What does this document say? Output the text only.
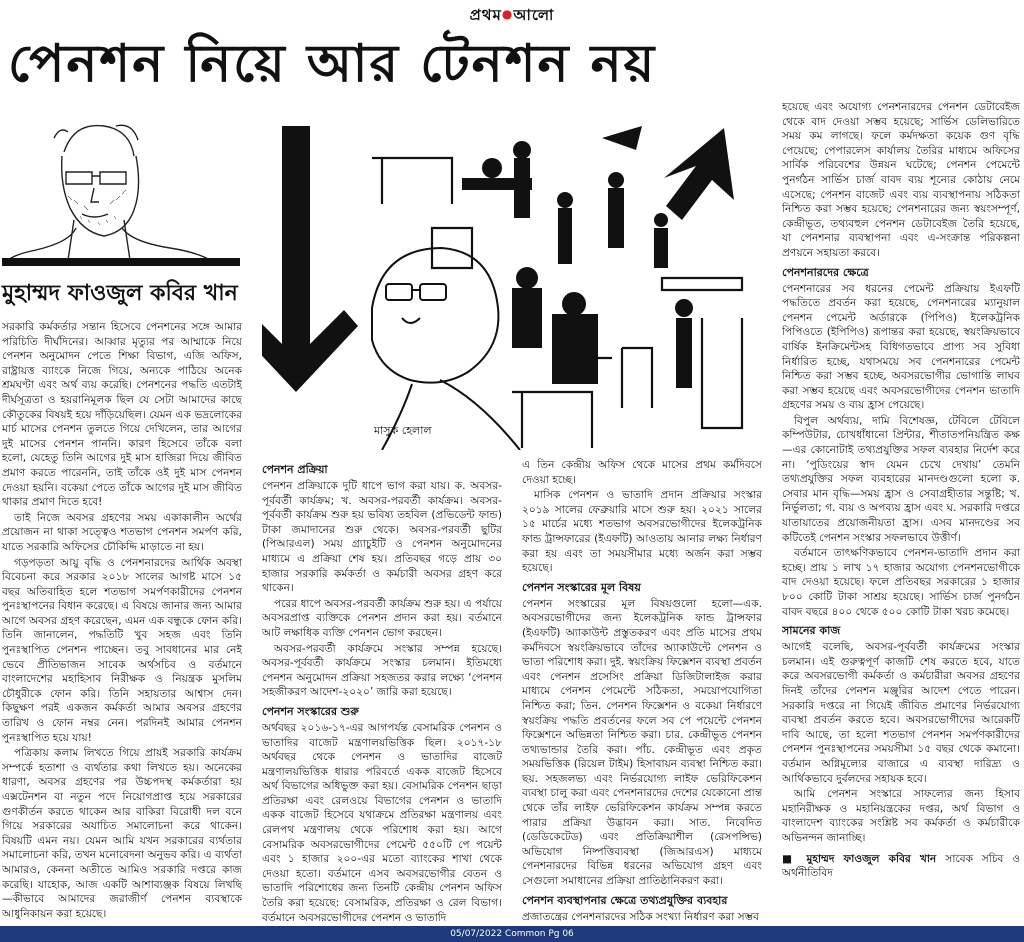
প্রথম●আলো
পেনশন নিয়ে আর টেনশন নয়
মুহাম্মদ ফাওজুল কবির খান
মাসুক হেলাল

সরকারি কর্মকর্তার সন্তান হিসেবে পেনশনের সঙ্গে আমার পরিচিতি দীর্ঘদিনের। আব্বার মৃত্যুর পর আম্মাকে নিয়ে পেনশন অনুমোদন পেতে শিক্ষা বিভাগ, এজি অফিস, রাষ্ট্রায়ত্ত ব্যাংকে নিজে গিয়ে, অন্যকে পাঠিয়ে অনেক শ্রমঘণ্টা এবং অর্থ ব্যয় করেছি। পেনশনের পদ্ধতি এতটাই দীর্ঘসূত্রতা ও হয়রানিমূলক ছিল যে সেটা আমাদের কাছে কৌতুকের বিষয়ই হয়ে দাঁড়িয়েছিল। যেমন এক ভদ্রলোকের মার্চ মাসের পেনশন তুলতে গিয়ে দেখিলেন, তার আগের দুই মাসের পেনশন পাননি। কারণ হিসেবে তাঁকে বলা হলো, যেহেতু তিনি আগের দুই মাস হাজিরা দিয়ে জীবিত প্রমাণ করতে পারেননি, তাই তাঁকে ওই দুই মাস পেনশন দেওয়া হয়নি। বকেয়া পেতে তাঁকে আগের দুই মাস জীবিত থাকার প্রমাণ দিতে হবে!

তাই নিজে অবসর গ্রহণের সময় একাকালীন অর্থের প্রয়োজন না থাকা সত্ত্বেও শতভাগ পেনশন সমর্পণ করি, যাতে সরকারি অফিসের চৌকিদ্দি মাড়াতে না হয়।

গড়পড়তা আয়ু বৃদ্ধি ও পেনশনারদের আর্থিক অবস্থা বিবেচনা করে সরকার ২০১৮ সালের আগষ্ট মাসে ১৫ বছর অতিবাহিত হলে শতভাগ সমর্পণকারীদের পেনশন পুনঃস্থাপনের বিধান করেছে। এ বিষয়ে জানার জন্য আমার আগে অবসর গ্রহণ করেছেন, এমন এক বন্ধুকে ফোন করি। তিনি জানালেন, পদ্ধতিটি খুব সহজ এবং তিনি পুনঃস্থাপিত পেনশন পাচ্ছেন। তবু সাবধানের মার নেই ভেবে প্রীতিভাজন সাবেক অর্থসচিব ও বর্তমানে বাংলাদেশের মহাহিসাব নিরীক্ষক ও নিয়ন্ত্রক মুসলিম চৌধুরীকে ফোন করি। তিনি সহায়তার আশ্বাস দেন। কিছুক্ষণ পরই একজন কর্মকর্তা আমার অবসর গ্রহণের তারিখ ও ফোন নম্বর নেন। পরদিনই আমার পেনশন পুনঃস্থাপিত হয়ে যায়!

পত্রিকায় কলাম লিখতে গিয়ে প্রায়ই সরকারি কার্যক্রম সম্পর্কে হতাশা ও ব্যর্থতার কথা লিখতে হয়। অনেকের ধারণা, অবসর গ্রহণের পর উচ্চপদস্থ কর্মকর্তারা হয় এক্সটেনশন বা নতুন পদে নিয়োগপ্রাপ্ত হয়ে সরকারের গুণকীর্তন করতে থাকেন আর বাকিরা বিরোধী দল বনে গিয়ে সরকারের অযাচিত সমালোচনা করে থাকেন। বিষয়টি এমন নয়। যেমন আমি যখন সরকারের ব্যর্থতার সমালোচনা করি, তখন মনোবেদনা অনুভব করি। এ ব্যর্থতা আমারও, কেননা অতীতে আমিও সরকারি দপ্তরে কাজ করেছি। যাহোক, আজ একটি আশাব্যঞ্জক বিষয়ে লিখছি—কীভাবে আমাদের জরাজীর্ণ পেনশন ব্যবস্থাকে আধুনিকায়ন করা হয়েছে।

পেনশন প্রক্রিয়া

পেনশন প্রক্রিয়াকে দুটি ধাপে ভাগ করা যায়। ক. অবসর-পূর্ববর্তী কার্যক্রম; খ. অবসর-পরবর্তী কার্যক্রম। অবসর-পূর্ববর্তী কার্যক্রম শুরু হয় ভবিষ্য তহবিল (প্রভিডেন্ট ফান্ড) টাকা জমাদানের শুরু থেকে। অবসর-পরবর্তী ছুটির (পিআরএল) সময় গ্র্যাচুইটি ও পেনশন অনুমোদনের মাধ্যমে এ প্রক্রিয়া শেষ হয়। প্রতিবছর গড়ে প্রায় ৩০ হাজার সরকারি কর্মকর্তা ও কর্মচারী অবসর গ্রহণ করে থাকেন।

পরের ধাপে অবসর-পরবর্তী কার্যক্রম শুরু হয়। এ পর্যায়ে অবসরপ্রাপ্ত ব্যক্তিকে পেনশন প্রদান করা হয়। বর্তমানে আট লক্ষাধিক ব্যক্তি পেনশন ভোগ করছেন।

অবসর-পরবর্তী কার্যক্রমে সংস্কার সম্পন্ন হয়েছে। অবসর-পূর্ববর্তী কার্যক্রমে সংস্কার চলমান। ইতিমধ্যে পেনশন অনুমোদন প্রক্রিয়া সহজতর করার লক্ষ্যে ‘পেনশন সহজীকরণ আদেশ-২০২০’ জারি করা হয়েছে।

পেনশন সংস্কারের শুরু

অর্থবছর ২০১৬-১৭-এর আগপর্যন্ত বেসামরিক পেনশন ও ভাতাদির বাজেট মন্ত্রণালয়ভিত্তিক ছিল। ২০১৭-১৮ অর্থবছর থেকে পেনশন ও ভাতাদির বাজেট মন্ত্রণালয়ভিত্তিক ধারার পরিবর্তে একক বাজেট হিসেবে অর্থ বিভাগের অধিভুক্ত করা হয়। বেসামরিক পেনশন ছাড়া প্রতিরক্ষা এবং রেলওয়ে বিভাগের পেনশন ও ভাতাদি একক বাজেট হিসেবে যথাক্রমে প্রতিরক্ষা মন্ত্রণালয় এবং রেলপথ মন্ত্রণালয় থেকে পরিশোধ করা হয়। আগে বেসামরিক অবসরভোগীদের পেমেন্ট ৫৫০টি পে পয়েন্ট এবং ১ হাজার ২০০-এর মতো ব্যাংকের শাখা থেকে দেওয়া হতো। বর্তমানে এসব অবসরভোগীর বেতন ও ভাতাদি পরিশোধের জন্য তিনটি কেন্দ্রীয় পেনশন অফিস তৈরি করা হয়েছে: বেসামরিক, প্রতিরক্ষা ও রেল বিভাগ। বর্তমানে অবসরভোগীদের পেনশন ও ভাতাদি

এ তিন কেন্দ্রীয় অফিস থেকে মাসের প্রথম কর্মদিবসে দেওয়া হচ্ছে।

মাসিক পেনশন ও ভাতাদি প্রদান প্রক্রিয়ার সংস্কার ২০১৯ সালের ফেব্রুয়ারি মাসে শুরু হয়। ২০২১ সালের ১৫ মার্চের মধ্যে শতভাগ অবসরভোগীদের ইলেকট্রনিক ফান্ড ট্রান্সফারের (ইএফটি) আওতায় আনার লক্ষ্য নির্ধারণ করা হয় এবং তা সময়সীমার মধ্যে অর্জন করা সম্ভব হয়েছে।

পেনশন সংস্কারের মূল বিষয়

পেনশন সংস্কারের মূল বিষয়গুলো হলো—এক. অবসরভোগীদের জন্য ইলেকট্রনিক ফান্ড ট্রান্সফার (ইএফটি) অ্যাকাউন্ট প্রস্তুতকরণ এবং প্রতি মাসের প্রথম কর্মদিবসে স্বয়ংক্রিয়ভাবে তাঁদের অ্যাকাউন্টে পেনশন ও ভাতা পরিশোধ করা। দুই. স্বয়ংক্রিয় ফিক্সেশন ব্যবস্থা প্রবর্তন এবং পেনশন প্রসেসিং প্রক্রিয়া ডিজিটালাইজ করার মাধ্যমে পেনশন পেমেন্টে সঠিকতা, সময়োপযোগিতা নিশ্চিত করা; তিন. পেনশন ফিক্সেশন ও বকেয়া নির্ধারণে স্বয়ংক্রিয় পদ্ধতি প্রবর্তনের ফলে সব পে পয়েন্টে পেনশন ফিক্সেশনে অভিন্নতা নিশ্চিত করা। চার. কেন্দ্রীভূত পেনশন তথ্যভান্ডার তৈরি করা। পাঁচ. কেন্দ্রীভূত এবং প্রকৃত সময়ভিত্তিক (রিয়েল টাইম) হিসাবায়ন ব্যবস্থা নিশ্চিত করা। ছয়. সহজলভ্য এবং নির্ভরযোগ্য লাইফ ভেরিফিকেশন ব্যবস্থা চালু করা এবং পেনশনারদের দেশের যেকোনো প্রান্ত থেকে তাঁর লাইফ ভেরিফিকেশন কার্যক্রম সম্পন্ন করতে পারার প্রক্রিয়া উদ্ভাবন করা। সাত. নিবেদিত (ডেডিকেটেড) এবং প্রতিক্রিয়াশীল (রেসপন্সিভ) অভিযোগ নিষ্পত্তিব্যবস্থা (জিআরএস) মাধ্যমে পেনশনারদের বিভিন্ন ধরনের অভিযোগ গ্রহণ এবং সেগুলো সমাধানের প্রক্রিয়া প্রাতিষ্ঠানিকরণ করা।

পেনশন ব্যবস্থাপনার ক্ষেত্রে তথ্যপ্রযুক্তির ব্যবহার

প্রজাতন্ত্রের পেনশনারদের সঠিক সংখ্যা নির্ধারণ করা সম্ভব

হয়েছে এবং অযোগ্য পেনশনারদের পেনশন ডেটাবেইজ থেকে বাদ দেওয়া সম্ভব হয়েছে; সার্ভিস ডেলিভারিতে সময় কম লাগছে। ফলে কর্মদক্ষতা কয়েক গুণ বৃদ্ধি পেয়েছে; পেপারলেস কার্যালয় তৈরির মাধ্যমে অফিসের সার্বিক পরিবেশের উন্নয়ন ঘটেছে; পেনশন পেমেন্টে পুনর্গঠন সার্ভিস চার্জ বাবদ ব্যয় শূন্যের কোঠায় নেমে এসেছে; পেনশন বাজেট এবং ব্যয় ব্যবস্থাপনায় সঠিকতা নিশ্চিত করা সম্ভব হয়েছে; পেনশনারের জন্য স্বয়ংসম্পূর্ণ, কেন্দ্রীভূত, তথ্যবহুল পেনশন ডেটাবেইজ তৈরি হয়েছে, যা পেনশনার ব্যবস্থাপনা এবং এ-সংক্রান্ত পরিকল্পনা প্রণয়নে সহায়তা করবে।

পেনশনারদের ক্ষেত্রে

পেনশনারের সব ধরনের পেমেন্ট প্রক্রিয়ায় ইএফটি পদ্ধতিতে প্রবর্তন করা হয়েছে, পেনশনারের ম্যানুয়াল পেনশন পেমেন্ট অর্ডারকে (পিপিও) ইলেকট্রনিক পিপিওতে (ইপিপিও) রূপান্তর করা হয়েছে, স্বয়ংক্রিয়ভাবে বার্ষিক ইনক্রিমেন্টসহ বিধিগতভাবে প্রাপ্য সব সুবিধা নির্ধারিত হচ্ছে, যথাসময়ে সব পেনশনারের পেমেন্ট নিশ্চিত করা সম্ভব হচ্ছে, অবসরভোগীর ভোগান্তি লাঘব করা সম্ভব হয়েছে এবং অবসরভোগীদের পেনশন ভাতাদি গ্রহণের সময় ও ব্যয় হ্রাস পেয়েছে।

বিপুল অর্থব্যয়, দামি বিশেষজ্ঞ, টেবিলে টেবিলে কম্পিউটার, চোখধাঁধানো প্রিন্টার, শীতাতপনিয়ন্ত্রিত কক্ষ—এর কোনোটাই তথ্যপ্রযুক্তির সফল ব্যবহার নির্দেশ করে না। ‘পুডিংয়ের স্বাদ যেমন চেখে দেখায়’ তেমনি তথ্যপ্রযুক্তির সফল ব্যবহারের মানদণ্ডগুলো হলো ক. সেবার মান বৃদ্ধি—সময় হ্রাস ও সেবাগ্রহীতার সন্তুষ্টি; খ. নির্ভুলতা; গ. ব্যয় ও অপব্যয় হ্রাস এবং ঘ. সরকারি দপ্তরে যাতায়াতের প্রয়োজনীয়তা হ্রাস। এসব মানদণ্ডের সব কটিতেই পেনশন সংস্কার সফলভাবে উত্তীর্ণ।

বর্তমানে তাৎক্ষণিকভাবে পেনশন-ভাতাদি প্রদান করা হচ্ছে। প্রায় ১ লাখ ১৭ হাজার অযোগ্য পেনশনভোগীকে বাদ দেওয়া হয়েছে। ফলে প্রতিবছর সরকারের ১ হাজার ৮০০ কোটি টাকা সাশ্রয় হয়েছে। সার্ভিস চার্জ পুনর্গঠন বাবদ বছরে ৪০০ থেকে ৫০০ কোটি টাকা খরচ কমেছে।

সামনের কাজ

আগেই বলেছি, অবসর-পূর্ববর্তী কার্যক্রমের সংস্কার চলমান। এই গুরুত্বপূর্ণ কাজটি শেষ করতে হবে, যাতে করে অবসরভোগী কর্মকর্তা ও কর্মচারীরা অবসর গ্রহণের দিনই তাঁদের পেনশন মঞ্জুরির আদেশ পেতে পারেন। সরকারি দপ্তরে না গিয়েই জীবিত প্রমাণের নির্ভরযোগ্য ব্যবস্থা প্রবর্তন করতে হবে। অবসরভোগীদের আরেকটি দাবি আছে, তা হলো শতভাগ পেনশন সমর্পণকারীদের পেনশন পুনঃস্থাপনের সময়সীমা ১৫ বছর থেকে কমানো। বর্তমান অগ্নিমূল্যের বাজারে এ ব্যবস্থা দারিদ্র্য ও আর্থিকভাবে দুর্বলদের সহায়ক হবে।

আমি পেনশন সংস্কারে সাফল্যের জন্য হিসাব মহানিরীক্ষক ও মহানিয়ন্ত্রকের দপ্তর, অর্থ বিভাগ ও বাংলাদেশ ব্যাংকের সংশ্লিষ্ট সব কর্মকর্তা ও কর্মচারীকে অভিনন্দন জানাচ্ছি।

■ মুহাম্মদ ফাওজুল কবির খান সাবেক সচিব ও অর্থনীতিবিদ

05/07/2022 Common Pg 06
